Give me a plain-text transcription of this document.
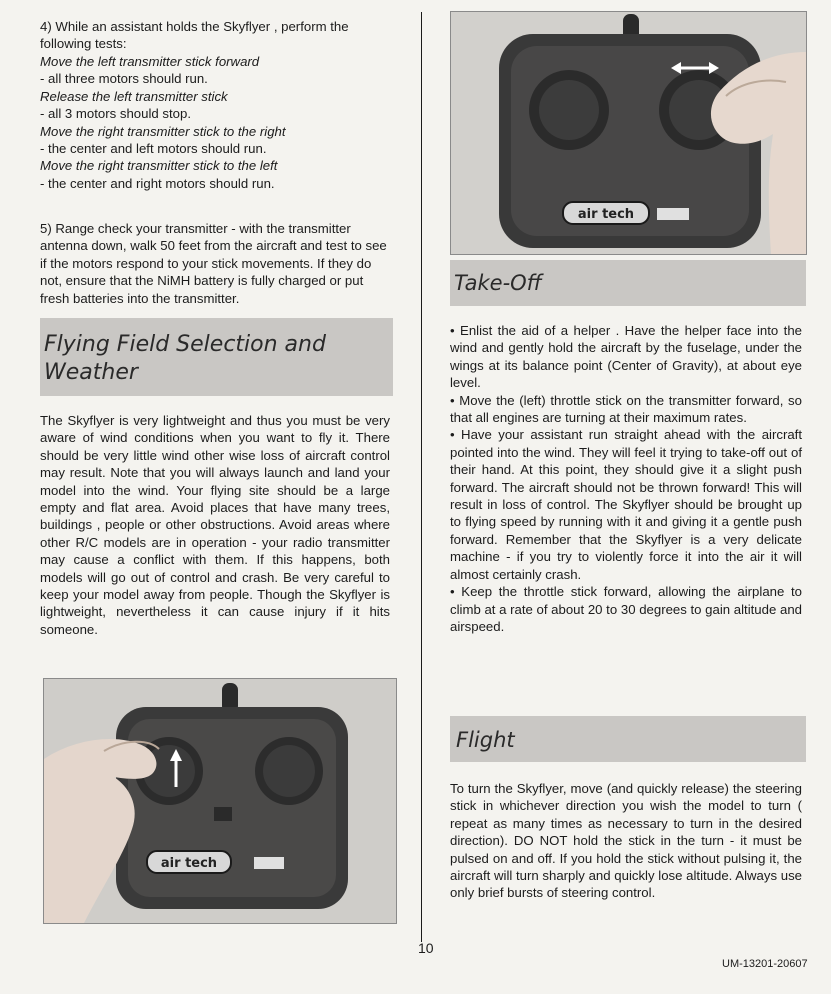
4) While an assistant holds the Skyflyer , perform the following tests:

Move the left transmitter stick forward

- all three motors should run.

Release the left transmitter stick

- all 3 motors should stop.

Move the right transmitter stick to the right

- the center and left motors should run.

Move the right transmitter stick to the left

- the center and right motors should run.

5) Range check your transmitter - with the transmitter antenna down, walk 50 feet from the aircraft and test to see if the motors respond to your stick movements. If they do not, ensure that the NiMH battery is fully charged or put fresh batteries into the transmitter.

Flying Field Selection and Weather

The Skyflyer is very lightweight and thus you must be very aware of wind conditions when you want to fly it. There should be very little wind other wise loss of aircraft control may result. Note that you will always launch and land your model into the wind. Your flying site should be a large empty and flat area. Avoid places that have many trees, buildings , people or other obstructions. Avoid areas where other R/C models are in operation - your radio transmitter may cause a conflict with them. If this happens, both models will go out of control and crash. Be very careful to keep your model away from people. Though the Skyflyer is lightweight, nevertheless it can cause injury if it hits someone.

air tech
air tech
Take-Off

• Enlist the aid of a helper . Have the helper face into the wind and gently hold the aircraft by the fuselage, under the wings at its balance point (Center of Gravity), at about eye level.

• Move the (left) throttle stick on the transmitter forward, so that all engines are turning at their maximum rates.

• Have your assistant run straight ahead with the aircraft pointed into the wind. They will feel it trying to take-off out of their hand. At this point, they should give it a slight push forward. The aircraft should not be thrown forward! This will result in loss of control. The Skyflyer should be brought up to flying speed by running with it and giving it a gentle push forward. Remember that the Skyflyer is a very delicate machine - if you try to violently force it into the air it will almost certainly crash.

• Keep the throttle stick forward, allowing the airplane to climb at a rate of about 20 to 30 degrees to gain altitude and airspeed.

Flight

To turn the Skyflyer, move (and quickly release) the steering stick in whichever direction you wish the model to turn ( repeat as many times as necessary to turn in the desired direction). DO NOT hold the stick in the turn - it must be pulsed on and off. If you hold the stick without pulsing it, the aircraft will turn sharply and quickly lose altitude. Always use only brief bursts of steering control.

10
UM-13201-20607
